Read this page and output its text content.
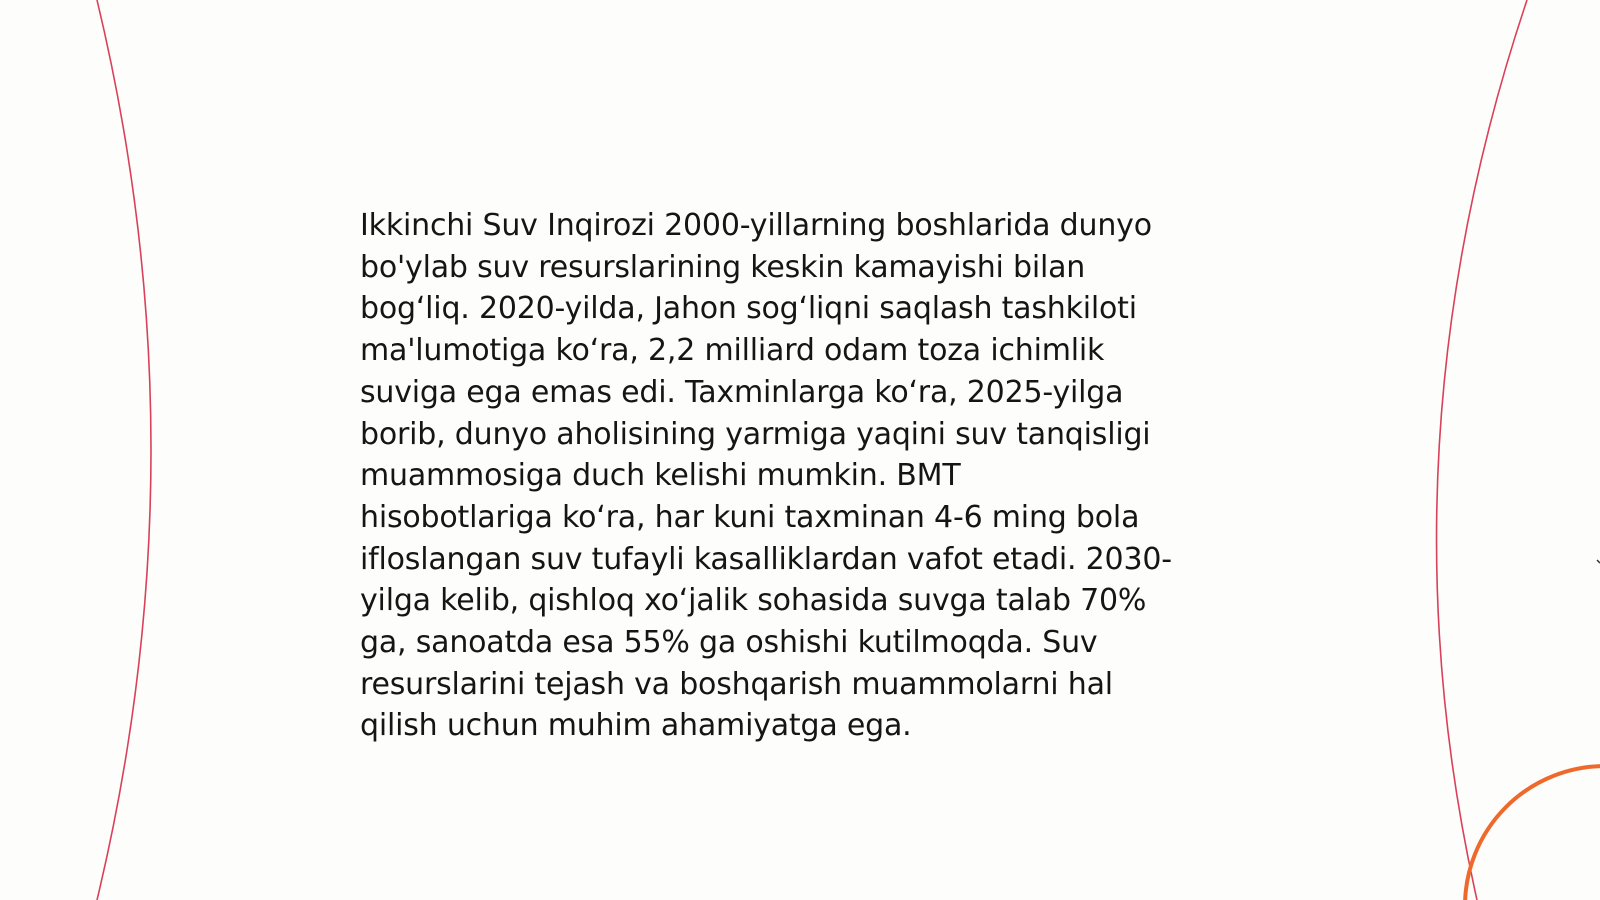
Ikkinchi Suv Inqirozi 2000-yillarning boshlarida dunyo
bo'ylab suv resurslarining keskin kamayishi bilan
bog‘liq. 2020-yilda, Jahon sog‘liqni saqlash tashkiloti
ma'lumotiga ko‘ra, 2,2 milliard odam toza ichimlik
suviga ega emas edi. Taxminlarga ko‘ra, 2025-yilga
borib, dunyo aholisining yarmiga yaqini suv tanqisligi
muammosiga duch kelishi mumkin. BMT
hisobotlariga ko‘ra, har kuni taxminan 4-6 ming bola
ifloslangan suv tufayli kasalliklardan vafot etadi. 2030-
yilga kelib, qishloq xo‘jalik sohasida suvga talab 70%
ga, sanoatda esa 55% ga oshishi kutilmoqda. Suv
resurslarini tejash va boshqarish muammolarni hal
qilish uchun muhim ahamiyatga ega.
